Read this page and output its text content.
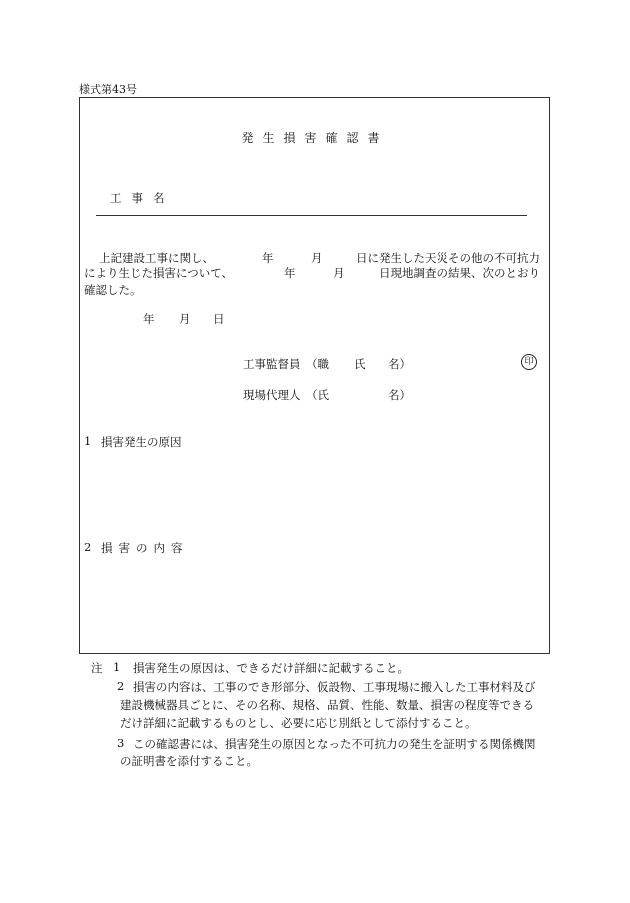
様式第43号
発生損害確認書
工事名
上記建設工事に関し、	年	月	日に発生した天災その他の不可抗力
により生じた損害について、	年	月	日現地調査の結果、次のとおり
確認した。
年 月 日
工事監督員 （職 氏 名）	印
現場代理人 （氏	名）
1 損害発生の原因
2 損害の内容
注 1 損害発生の原因は、できるだけ詳細に記載すること。
2 損害の内容は、工事のでき形部分、仮設物、工事現場に搬入した工事材料及び
建設機械器具ごとに、その名称、規格、品質、性能、数量、損害の程度等できる
だけ詳細に記載するものとし、必要に応じ別紙として添付すること。
3 この確認書には、損害発生の原因となった不可抗力の発生を証明する関係機関
の証明書を添付すること。
